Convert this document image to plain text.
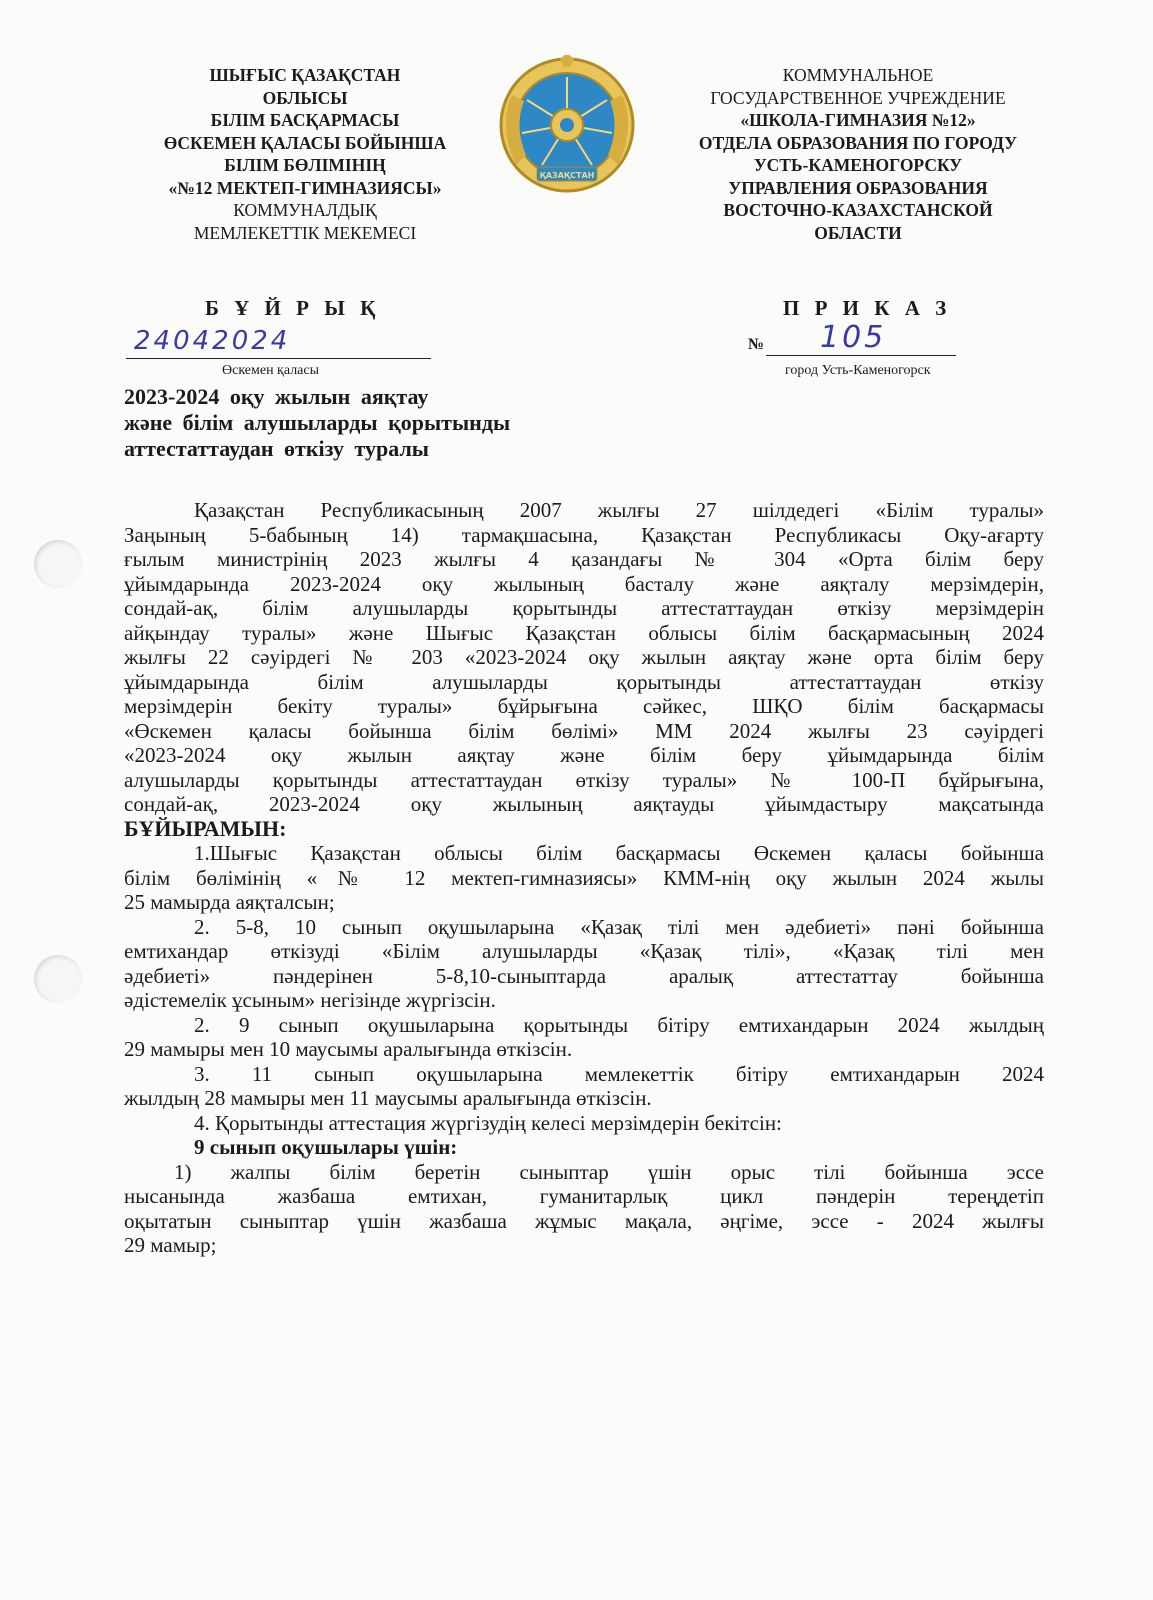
ШЫҒЫС ҚАЗАҚСТАН
ОБЛЫСЫ
БІЛІМ БАСҚАРМАСЫ
ӨСКЕМЕН ҚАЛАСЫ БОЙЫНША
БІЛІМ БӨЛІМІНІҢ
«№12 МЕКТЕП-ГИМНАЗИЯСЫ»
КОММУНАЛДЫҚ
МЕМЛЕКЕТТІК МЕКЕМЕСІ
ҚАЗАҚСТАН
КОММУНАЛЬНОЕ
ГОСУДАРСТВЕННОЕ УЧРЕЖДЕНИЕ
«ШКОЛА-ГИМНАЗИЯ №12»
ОТДЕЛА ОБРАЗОВАНИЯ ПО ГОРОДУ
УСТЬ-КАМЕНОГОРСКУ
УПРАВЛЕНИЯ ОБРАЗОВАНИЯ
ВОСТОЧНО-КАЗАХСТАНСКОЙ
ОБЛАСТИ
Б Ұ Й Р Ы Қ	П Р И К А З
24042024
Өскемен қаласы
№ 105
город Усть-Каменогорск
2023-2024 оқу жылын аяқтау
және білім алушыларды қорытынды
аттестаттаудан өткізу туралы

Қазақстан Республикасының 2007 жылғы 27 шілдедегі «Білім туралы»

Заңының 5-бабының 14) тармақшасына, Қазақстан Республикасы Оқу-ағарту

ғылым министрінің 2023 жылғы 4 қазандағы № 304 «Орта білім беру

ұйымдарында 2023-2024 оқу жылының басталу және аяқталу мерзімдерін,

сондай-ақ, білім алушыларды қорытынды аттестаттаудан өткізу мерзімдерін

айқындау туралы» және Шығыс Қазақстан облысы білім басқармасының 2024

жылғы 22 сәуірдегі № 203 «2023-2024 оқу жылын аяқтау және орта білім беру

ұйымдарында білім алушыларды қорытынды аттестаттаудан өткізу

мерзімдерін бекіту туралы» бұйрығына сәйкес, ШҚО білім басқармасы

«Өскемен қаласы бойынша білім бөлімі» ММ 2024 жылғы 23 сәуірдегі

«2023-2024 оқу жылын аяқтау және білім беру ұйымдарында білім

алушыларды қорытынды аттестаттаудан өткізу туралы» № 100-П бұйрығына,

сондай-ақ, 2023-2024 оқу жылының аяқтауды ұйымдастыру мақсатында

БҰЙЫРАМЫН:

1.Шығыс Қазақстан облысы білім басқармасы Өскемен қаласы бойынша

білім бөлімінің «№ 12 мектеп-гимназиясы» КММ-нің оқу жылын 2024 жылы

25 мамырда аяқталсын;

2. 5-8, 10 сынып оқушыларына «Қазақ тілі мен әдебиеті» пәні бойынша

емтихандар өткізуді «Білім алушыларды «Қазақ тілі», «Қазақ тілі мен

әдебиеті» пәндерінен 5-8,10-сыныптарда аралық аттестаттау бойынша

әдістемелік ұсыным» негізінде жүргізсін.

2. 9 сынып оқушыларына қорытынды бітіру емтихандарын 2024 жылдың

29 мамыры мен 10 маусымы аралығында өткізсін.

3. 11 сынып оқушыларына мемлекеттік бітіру емтихандарын 2024

жылдың 28 мамыры мен 11 маусымы аралығында өткізсін.

4. Қорытынды аттестация жүргізудің келесі мерзімдерін бекітсін:

9 сынып оқушылары үшін:

1) жалпы білім беретін сыныптар үшін орыс тілі бойынша эссе

нысанында жазбаша емтихан, гуманитарлық цикл пәндерін тереңдетіп

оқытатын сыныптар үшін жазбаша жұмыс мақала, әңгіме, эссе - 2024 жылғы

29 мамыр;
